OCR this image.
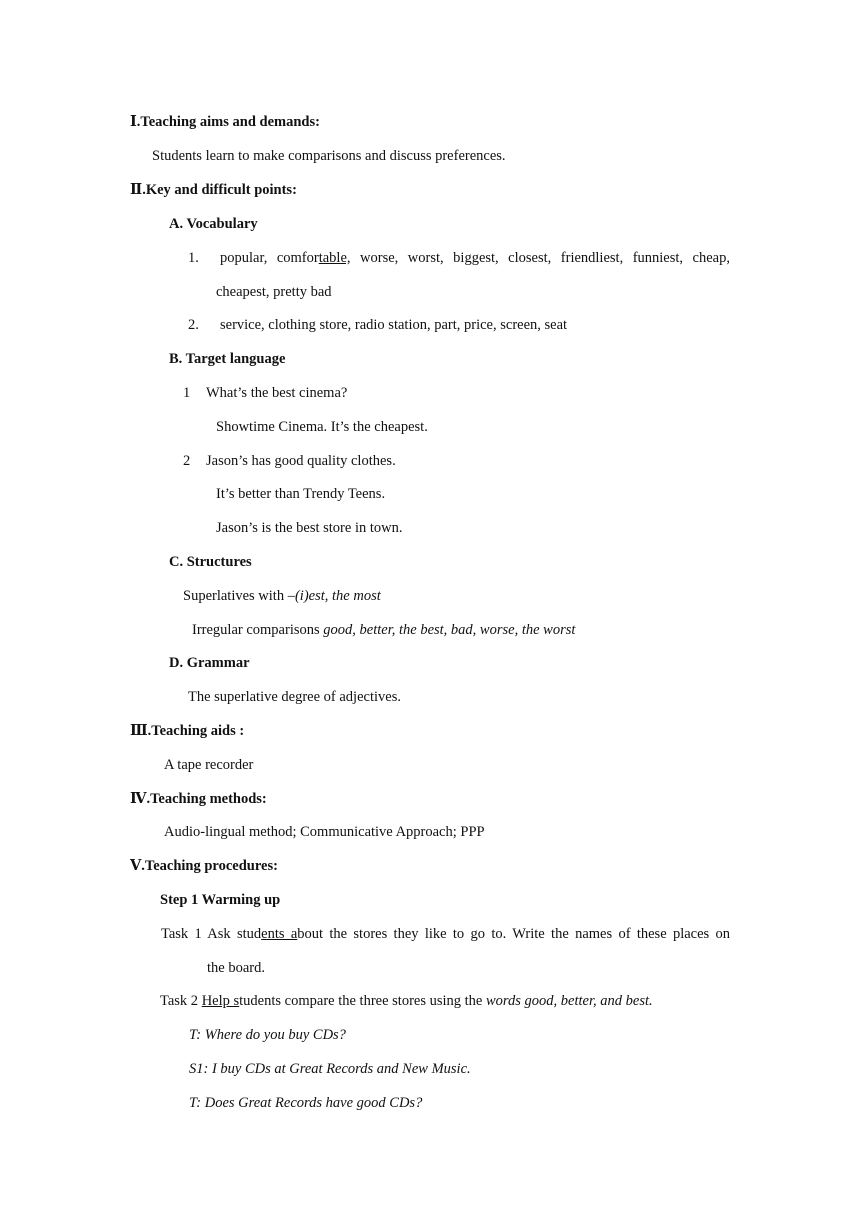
Ⅰ.Teaching aims and demands:
Students learn to make comparisons and discuss preferences.
Ⅱ.Key and difficult points:
A. Vocabulary
1. popular, comfortable, worse, worst, biggest, closest, friendliest, funniest, cheap,
cheapest, pretty bad
2. service, clothing store, radio station, part, price, screen, seat
B. Target language
1 What’s the best cinema?
Showtime Cinema. It’s the cheapest.
2 Jason’s has good quality clothes.
It’s better than Trendy Teens.
Jason’s is the best store in town.
C. Structures
Superlatives with –(i)est, the most
Irregular comparisons good, better, the best, bad, worse, the worst
D. Grammar
The superlative degree of adjectives.
Ⅲ.Teaching aids :
A tape recorder
Ⅳ.Teaching methods:
Audio-lingual method; Communicative Approach; PPP
Ⅴ.Teaching procedures:
Step 1 Warming up
Task 1 Ask students about the stores they like to go to. Write the names of these places on
the board.
Task 2 Help students compare the three stores using the words good, better, and best.
T: Where do you buy CDs?
S1: I buy CDs at Great Records and New Music.
T: Does Great Records have good CDs?
